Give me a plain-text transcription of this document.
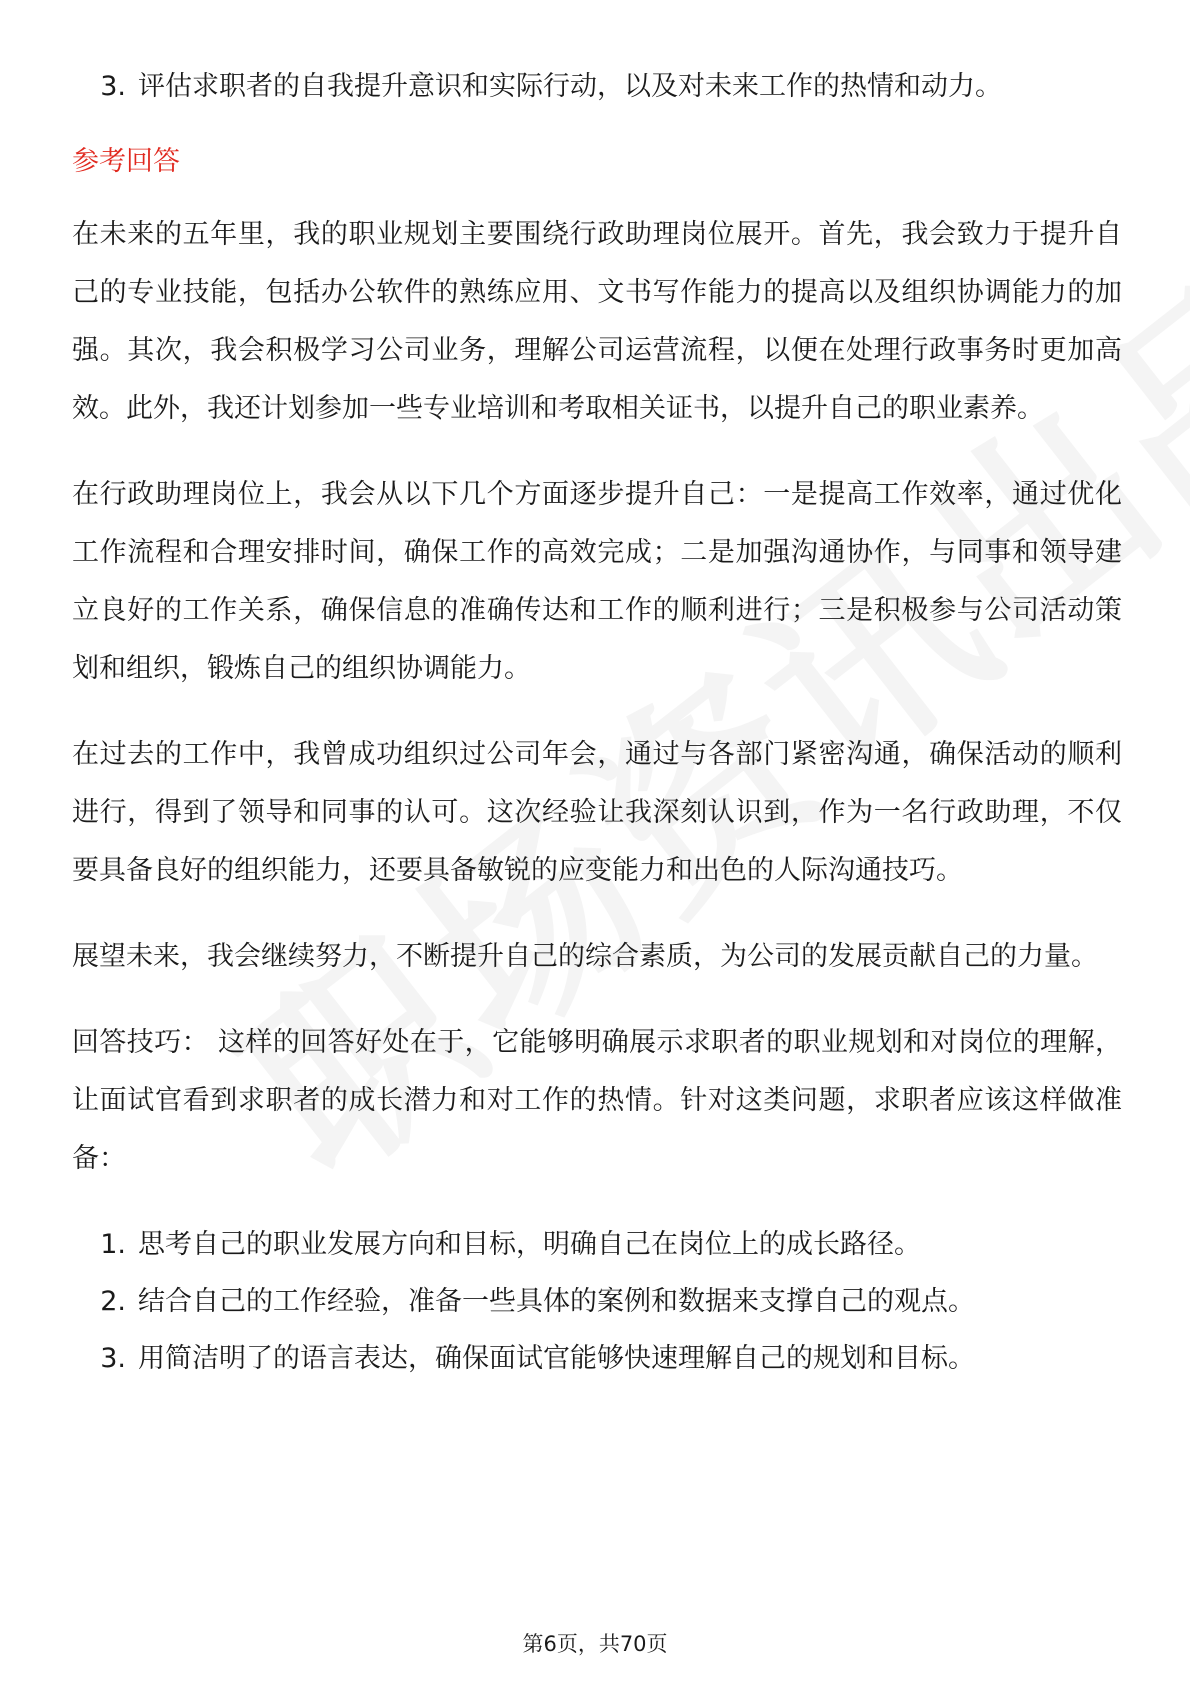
3. 评估求职者的自我提升意识和实际行动，以及对未来工作的热情和动力。
参考回答

在未来的五年里，我的职业规划主要围绕行政助理岗位展开。首先，我会致力于提升自己的专业技能，包括办公软件的熟练应用、文书写作能力的提高以及组织协调能力的加强。其次，我会积极学习公司业务，理解公司运营流程，以便在处理行政事务时更加高效。此外，我还计划参加一些专业培训和考取相关证书，以提升自己的职业素养。

在行政助理岗位上，我会从以下几个方面逐步提升自己：一是提高工作效率，通过优化工作流程和合理安排时间，确保工作的高效完成；二是加强沟通协作，与同事和领导建立良好的工作关系，确保信息的准确传达和工作的顺利进行；三是积极参与公司活动策划和组织，锻炼自己的组织协调能力。

在过去的工作中，我曾成功组织过公司年会，通过与各部门紧密沟通，确保活动的顺利进行，得到了领导和同事的认可。这次经验让我深刻认识到，作为一名行政助理，不仅要具备良好的组织能力，还要具备敏锐的应变能力和出色的人际沟通技巧。

展望未来，我会继续努力，不断提升自己的综合素质，为公司的发展贡献自己的力量。

回答技巧： 这样的回答好处在于，它能够明确展示求职者的职业规划和对岗位的理解，让面试官看到求职者的成长潜力和对工作的热情。针对这类问题，求职者应该这样做准备：

1. 思考自己的职业发展方向和目标，明确自己在岗位上的成长路径。
2. 结合自己的工作经验，准备一些具体的案例和数据来支撑自己的观点。
3. 用简洁明了的语言表达，确保面试官能够快速理解自己的规划和目标。
第6页，共70页
